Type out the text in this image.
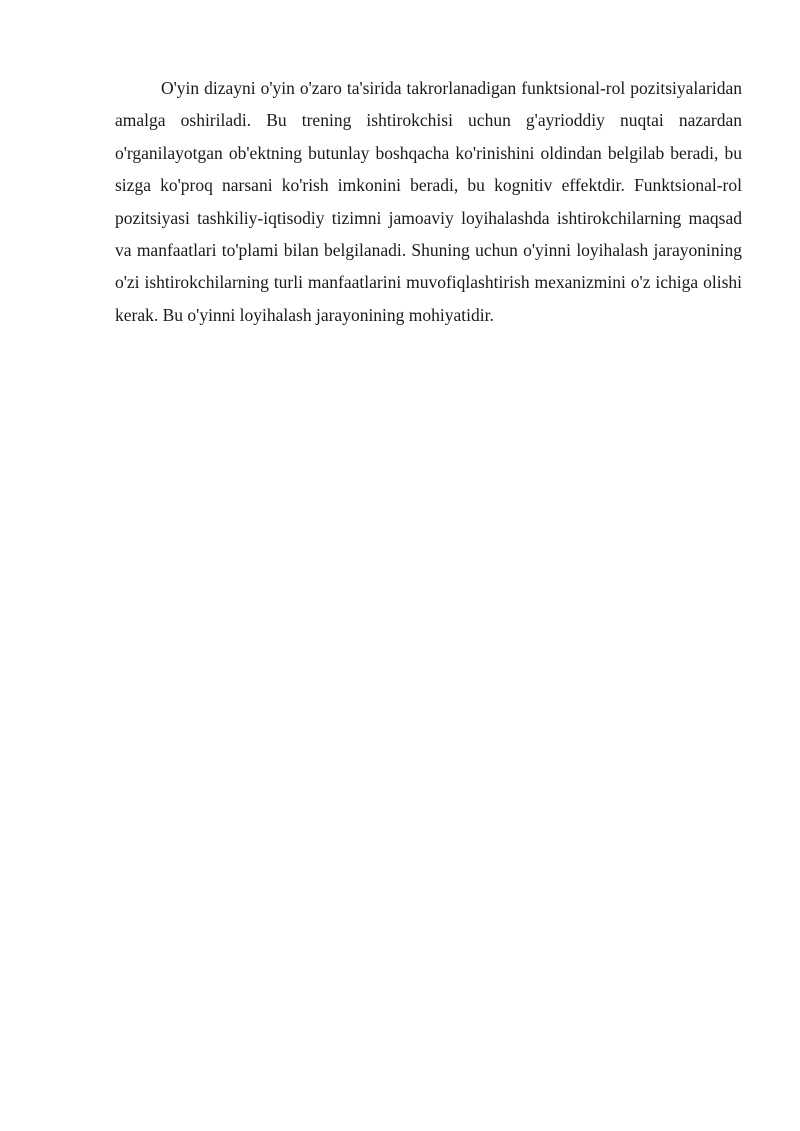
O'yin dizayni o'yin o'zaro ta'sirida takrorlanadigan funktsional-rol pozitsiyalaridan amalga oshiriladi. Bu trening ishtirokchisi uchun g'ayrioddiy nuqtai nazardan o'rganilayotgan ob'ektning butunlay boshqacha ko'rinishini oldindan belgilab beradi, bu sizga ko'proq narsani ko'rish imkonini beradi, bu kognitiv effektdir. Funktsional-rol pozitsiyasi tashkiliy-iqtisodiy tizimni jamoaviy loyihalashda ishtirokchilarning maqsad va manfaatlari to'plami bilan belgilanadi. Shuning uchun o'yinni loyihalash jarayonining o'zi ishtirokchilarning turli manfaatlarini muvofiqlashtirish mexanizmini o'z ichiga olishi kerak. Bu o'yinni loyihalash jarayonining mohiyatidir.
